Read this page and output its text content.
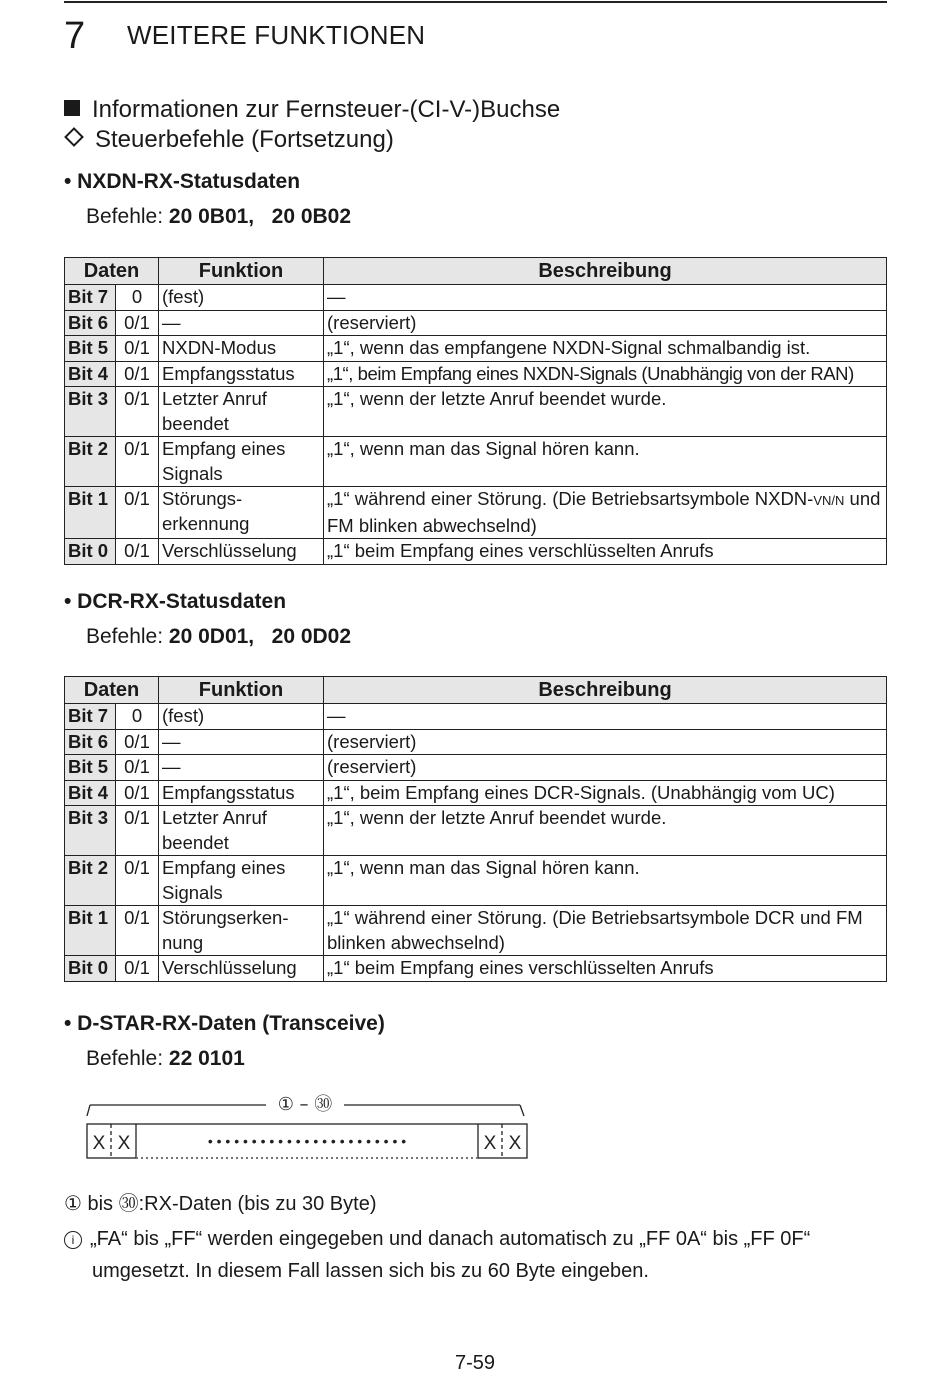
7 WEITERE FUNKTIONEN
Informationen zur Fernsteuer-(CI-V-)Buchse
Steuerbefehle (Fortsetzung)
• NXDN-RX-Statusdaten
Befehle: 20 0B01,   20 0B02
Daten		Funktion	Beschreibung
Bit 7	0	(fest)	—
Bit 6	0/1	—	(reserviert)
Bit 5	0/1	NXDN-Modus	„1“, wenn das empfangene NXDN-Signal schmalbandig ist.
Bit 4	0/1	Empfangsstatus	„1“, beim Empfang eines NXDN-Signals (Unabhängig von der RAN)
Bit 3	0/1	Letzter Anruf beendet	„1“, wenn der letzte Anruf beendet wurde.
Bit 2	0/1	Empfang eines Signals	„1“, wenn man das Signal hören kann.
Bit 1	0/1	Störungs-erkennung	„1“ während einer Störung. (Die Betriebsartsymbole NXDN-VN/N und FM blinken abwechselnd)
Bit 0	0/1	Verschlüsselung	„1“ beim Empfang eines verschlüsselten Anrufs
• DCR-RX-Statusdaten
Befehle: 20 0D01,   20 0D02
Daten		Funktion	Beschreibung
Bit 7	0	(fest)	—
Bit 6	0/1	—	(reserviert)
Bit 5	0/1	—	(reserviert)
Bit 4	0/1	Empfangsstatus	„1“, beim Empfang eines DCR-Signals. (Unabhängig vom UC)
Bit 3	0/1	Letzter Anruf beendet	„1“, wenn der letzte Anruf beendet wurde.
Bit 2	0/1	Empfang eines Signals	„1“, wenn man das Signal hören kann.
Bit 1	0/1	Störungserken-nung	„1“ während einer Störung. (Die Betriebsartsymbole DCR und FM blinken abwechselnd)
Bit 0	0/1	Verschlüsselung	„1“ beim Empfang eines verschlüsselten Anrufs
• D-STAR-RX-Daten (Transceive)
Befehle: 22 0101
① – ㉚
X X	• • • • • • • • • • • • • • • • • • • • • • •	X X
① bis ㉚:RX-Daten (bis zu 30 Byte)
i „FA“ bis „FF“ werden eingegeben und danach automatisch zu „FF 0A“ bis „FF 0F“
umgesetzt. In diesem Fall lassen sich bis zu 60 Byte eingeben.
7-59
